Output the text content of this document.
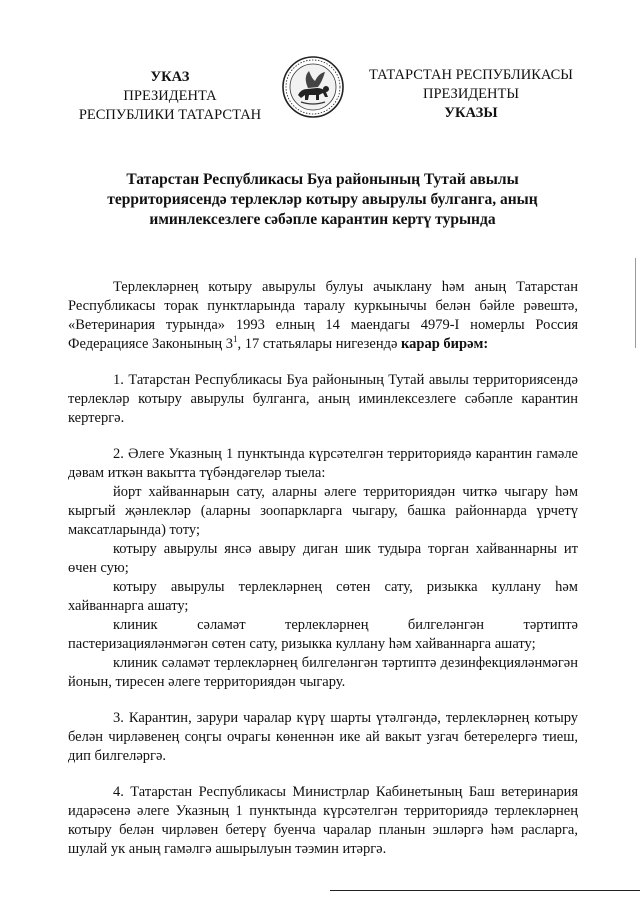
УКАЗ
ПРЕЗИДЕНТА
РЕСПУБЛИКИ ТАТАРСТАН
ТАТАРСТАН РЕСПУБЛИКАСЫ
ПРЕЗИДЕНТЫ
УКАЗЫ
Татарстан Республикасы Буа районының Тутай авылы
территориясендә терлекләр котыру авырулы булганга, аның
иминлексезлеге сәбәпле карантин кертү турында

Терлекләрнең котыру авырулы булуы ачыклану һәм аның Татарстан Республикасы торак пунктларында таралу куркынычы белән бәйле рәвештә, «Ветеринария турында» 1993 елның 14 маендагы 4979-I номерлы Россия Федерациясе Законының $3^1$, 17 статьялары нигезендә карар бирәм:

1. Татарстан Республикасы Буа районының Тутай авылы территориясендә терлекләр котыру авырулы булганга, аның иминлексезлеге сәбәпле карантин кертергә.

2. Әлеге Указның 1 пунктында күрсәтелгән территориядә карантин гамәле дәвам иткән вакытта түбәндәгеләр тыела:

йорт хайваннарын сату, аларны әлеге территориядән читкә чыгару һәм кыргый җәнлекләр (аларны зоопаркларга чыгару, башка районнарда үрчетү максатларында) тоту;

котыру авырулы янсә авыру диган шик тудыра торган хайваннарны ит өчен сую;

котыру авырулы терлекләрнең сөтен сату, ризыкка куллану һәм хайваннарга ашату;

клиник сәламәт терлекләрнең билгеләнгән тәртиптә пастеризацияләнмәгән сөтен сату, ризыкка куллану һәм хайваннарга ашату;

клиник сәламәт терлекләрнең билгеләнгән тәртиптә дезинфекцияләнмәгән йонын, тиресен әлеге территориядән чыгару.

3. Карантин, зарури чаралар күрү шарты үтәлгәндә, терлекләрнең котыру белән чирләвенең соңгы очрагы көненнән ике ай вакыт узгач бетерелергә тиеш, дип билгеләргә.

4. Татарстан Республикасы Министрлар Кабинетының Баш ветеринария идарәсенә әлеге Указның 1 пунктында күрсәтелгән территориядә терлекләрнең котыру белән чирләвен бетерү буенча чаралар планын эшләргә һәм расларга, шулай ук аның гамәлгә ашырылуын тәэмин итәргә.
